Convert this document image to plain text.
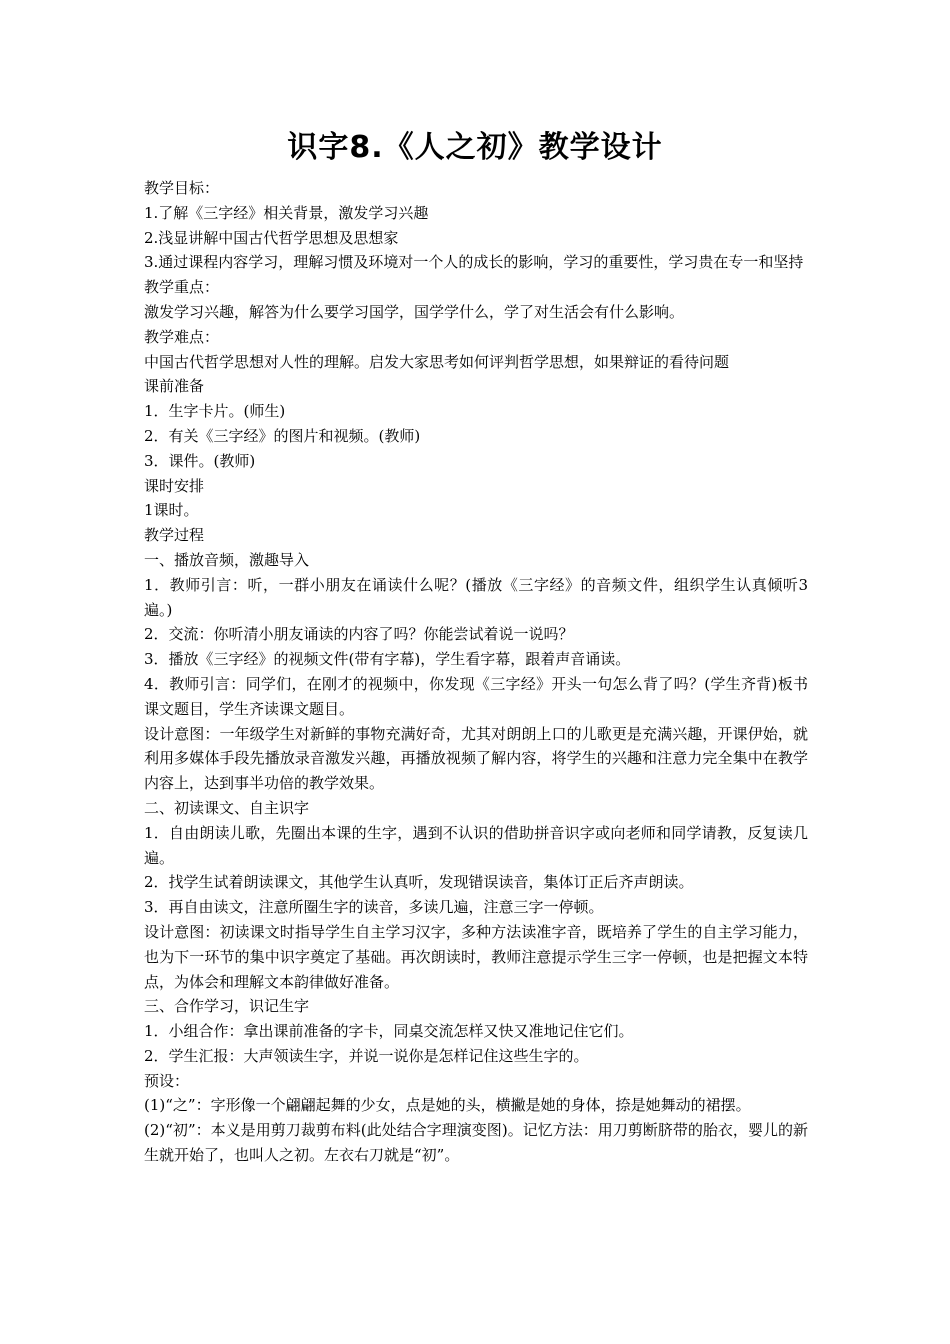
识字8.《人之初》教学设计

教学目标：

1.了解《三字经》相关背景，激发学习兴趣

2.浅显讲解中国古代哲学思想及思想家

3.通过课程内容学习，理解习惯及环境对一个人的成长的影响，学习的重要性，学习贵在专一和坚持

教学重点：

激发学习兴趣，解答为什么要学习国学，国学学什么，学了对生活会有什么影响。

教学难点：

中国古代哲学思想对人性的理解。启发大家思考如何评判哲学思想，如果辩证的看待问题

课前准备

1．生字卡片。(师生)

2．有关《三字经》的图片和视频。(教师)

3．课件。(教师)

课时安排

1课时。

教学过程

一、播放音频，激趣导入

1．教师引言：听，一群小朋友在诵读什么呢？(播放《三字经》的音频文件，组织学生认真倾听3遍。)

2．交流：你听清小朋友诵读的内容了吗？你能尝试着说一说吗？

3．播放《三字经》的视频文件(带有字幕)，学生看字幕，跟着声音诵读。

4．教师引言：同学们，在刚才的视频中，你发现《三字经》开头一句怎么背了吗？(学生齐背)板书课文题目，学生齐读课文题目。

设计意图：一年级学生对新鲜的事物充满好奇，尤其对朗朗上口的儿歌更是充满兴趣，开课伊始，就利用多媒体手段先播放录音激发兴趣，再播放视频了解内容，将学生的兴趣和注意力完全集中在教学内容上，达到事半功倍的教学效果。

二、初读课文、自主识字

1．自由朗读儿歌，先圈出本课的生字，遇到不认识的借助拼音识字或向老师和同学请教，反复读几遍。

2．找学生试着朗读课文，其他学生认真听，发现错误读音，集体订正后齐声朗读。

3．再自由读文，注意所圈生字的读音，多读几遍，注意三字一停顿。

设计意图：初读课文时指导学生自主学习汉字，多种方法读准字音，既培养了学生的自主学习能力，也为下一环节的集中识字奠定了基础。再次朗读时，教师注意提示学生三字一停顿，也是把握文本特点，为体会和理解文本韵律做好准备。

三、合作学习，识记生字

1．小组合作：拿出课前准备的字卡，同桌交流怎样又快又准地记住它们。

2．学生汇报：大声领读生字，并说一说你是怎样记住这些生字的。

预设：

(1)“之”：字形像一个翩翩起舞的少女，点是她的头，横撇是她的身体，捺是她舞动的裙摆。

(2)“初”：本义是用剪刀裁剪布料(此处结合字理演变图)。记忆方法：用刀剪断脐带的胎衣，婴儿的新生就开始了，也叫人之初。左衣右刀就是“初”。
